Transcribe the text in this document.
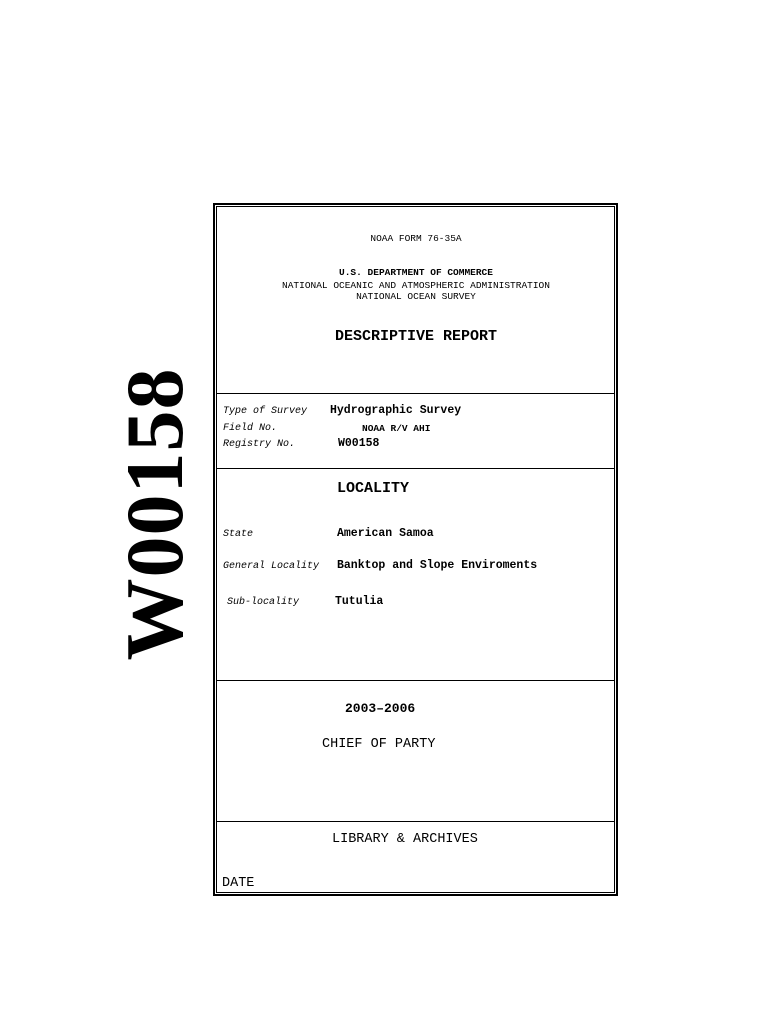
W00158
NOAA FORM 76-35A
U.S. DEPARTMENT OF COMMERCE
NATIONAL OCEANIC AND ATMOSPHERIC ADMINISTRATION
NATIONAL OCEAN SURVEY
DESCRIPTIVE REPORT
Type of Survey Hydrographic Survey
Field No.	NOAA R/V AHI
Registry No.	W00158
LOCALITY
State	American Samoa
General Locality Banktop and Slope Enviroments
Sub-locality	Tutulia
2003–2006
CHIEF OF PARTY
LIBRARY & ARCHIVES
DATE
